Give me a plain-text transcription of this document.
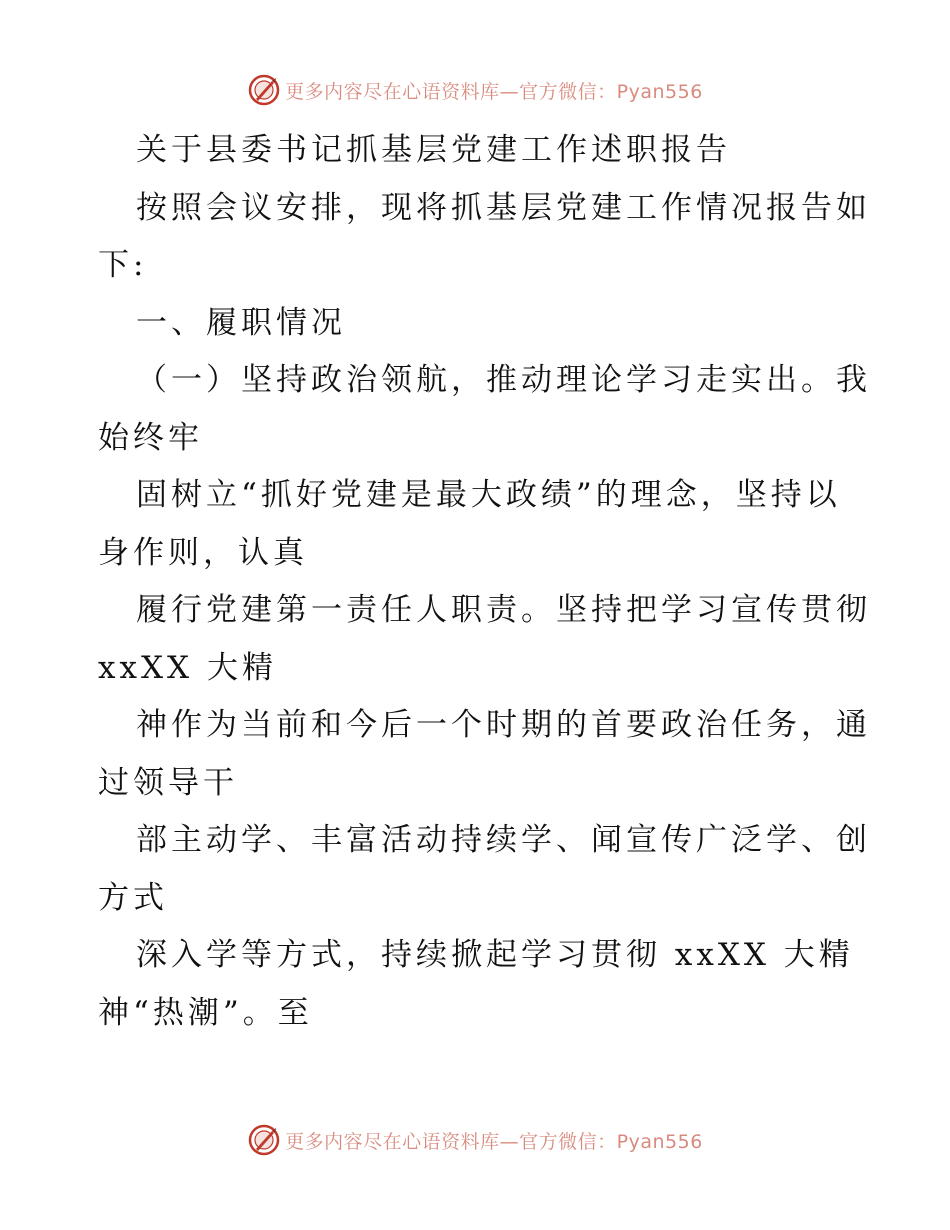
更多内容尽在心语资料库—官方微信：Pyan556
关于县委书记抓基层党建工作述职报告
按照会议安排，现将抓基层党建工作情况报告如
下:
一、履职情况
（一）坚持政治领航，推动理论学习走实出。我
始终牢
固树立“抓好党建是最大政绩”的理念，坚持以
身作则，认真
履行党建第一责任人职责。坚持把学习宣传贯彻
xxXX 大精
神作为当前和今后一个时期的首要政治任务，通
过领导干
部主动学、丰富活动持续学、闻宣传广泛学、创
方式
深入学等方式，持续掀起学习贯彻 xxXX 大精
神“热潮”。至
更多内容尽在心语资料库—官方微信：Pyan556
